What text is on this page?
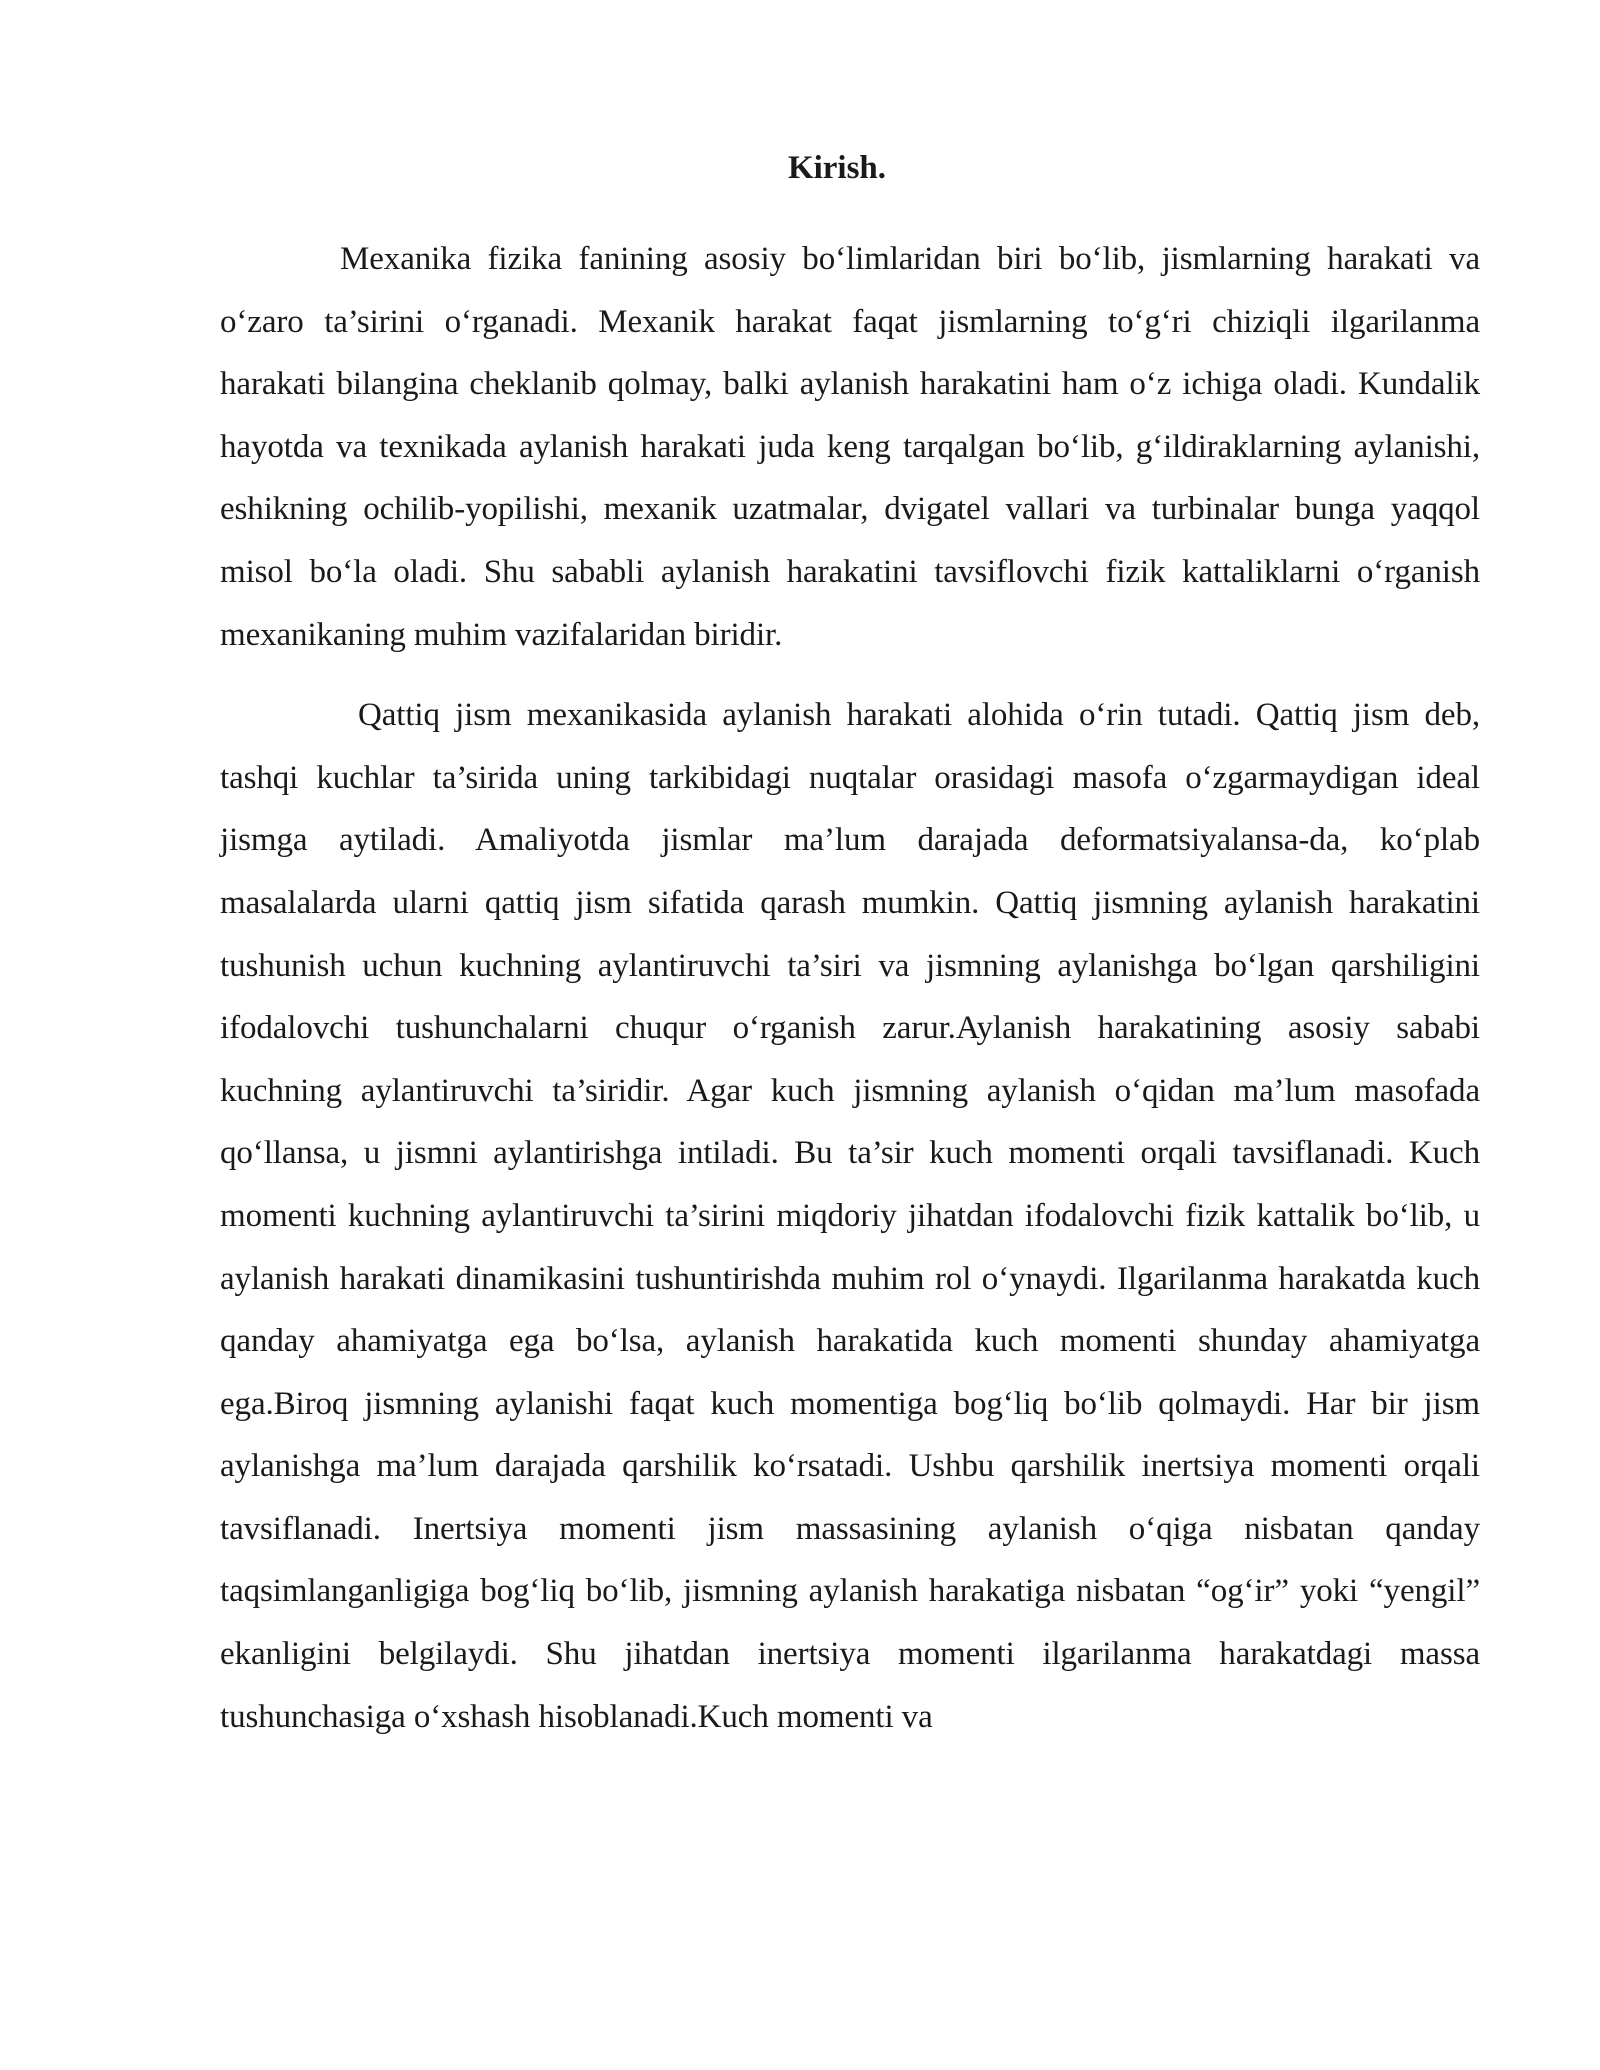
Kirish.

Mexanika fizika fanining asosiy bo‘limlaridan biri bo‘lib, jismlarning harakati va o‘zaro ta’sirini o‘rganadi. Mexanik harakat faqat jismlarning to‘g‘ri chiziqli ilgarilanma harakati bilangina cheklanib qolmay, balki aylanish harakatini ham o‘z ichiga oladi. Kundalik hayotda va texnikada aylanish harakati juda keng tarqalgan bo‘lib, g‘ildiraklarning aylanishi, eshikning ochilib-yopilishi, mexanik uzatmalar, dvigatel vallari va turbinalar bunga yaqqol misol bo‘la oladi. Shu sababli aylanish harakatini tavsiflovchi fizik kattaliklarni o‘rganish mexanikaning muhim vazifalaridan biridir.

Qattiq jism mexanikasida aylanish harakati alohida o‘rin tutadi. Qattiq jism deb, tashqi kuchlar ta’sirida uning tarkibidagi nuqtalar orasidagi masofa o‘zgarmaydigan ideal jismga aytiladi. Amaliyotda jismlar ma’lum darajada deformatsiyalansa-da, ko‘plab masalalarda ularni qattiq jism sifatida qarash mumkin. Qattiq jismning aylanish harakatini tushunish uchun kuchning aylantiruvchi ta’siri va jismning aylanishga bo‘lgan qarshiligini ifodalovchi tushunchalarni chuqur o‘rganish zarur.Aylanish harakatining asosiy sababi kuchning aylantiruvchi ta’siridir. Agar kuch jismning aylanish o‘qidan ma’lum masofada qo‘llansa, u jismni aylantirishga intiladi. Bu ta’sir kuch momenti orqali tavsiflanadi. Kuch momenti kuchning aylantiruvchi ta’sirini miqdoriy jihatdan ifodalovchi fizik kattalik bo‘lib, u aylanish harakati dinamikasini tushuntirishda muhim rol o‘ynaydi. Ilgarilanma harakatda kuch qanday ahamiyatga ega bo‘lsa, aylanish harakatida kuch momenti shunday ahamiyatga ega.Biroq jismning aylanishi faqat kuch momentiga bog‘liq bo‘lib qolmaydi. Har bir jism aylanishga ma’lum darajada qarshilik ko‘rsatadi. Ushbu qarshilik inertsiya momenti orqali tavsiflanadi. Inertsiya momenti jism massasining aylanish o‘qiga nisbatan qanday taqsimlanganligiga bog‘liq bo‘lib, jismning aylanish harakatiga nisbatan “og‘ir” yoki “yengil” ekanligini belgilaydi. Shu jihatdan inertsiya momenti ilgarilanma harakatdagi massa tushunchasiga o‘xshash hisoblanadi.Kuch momenti va
